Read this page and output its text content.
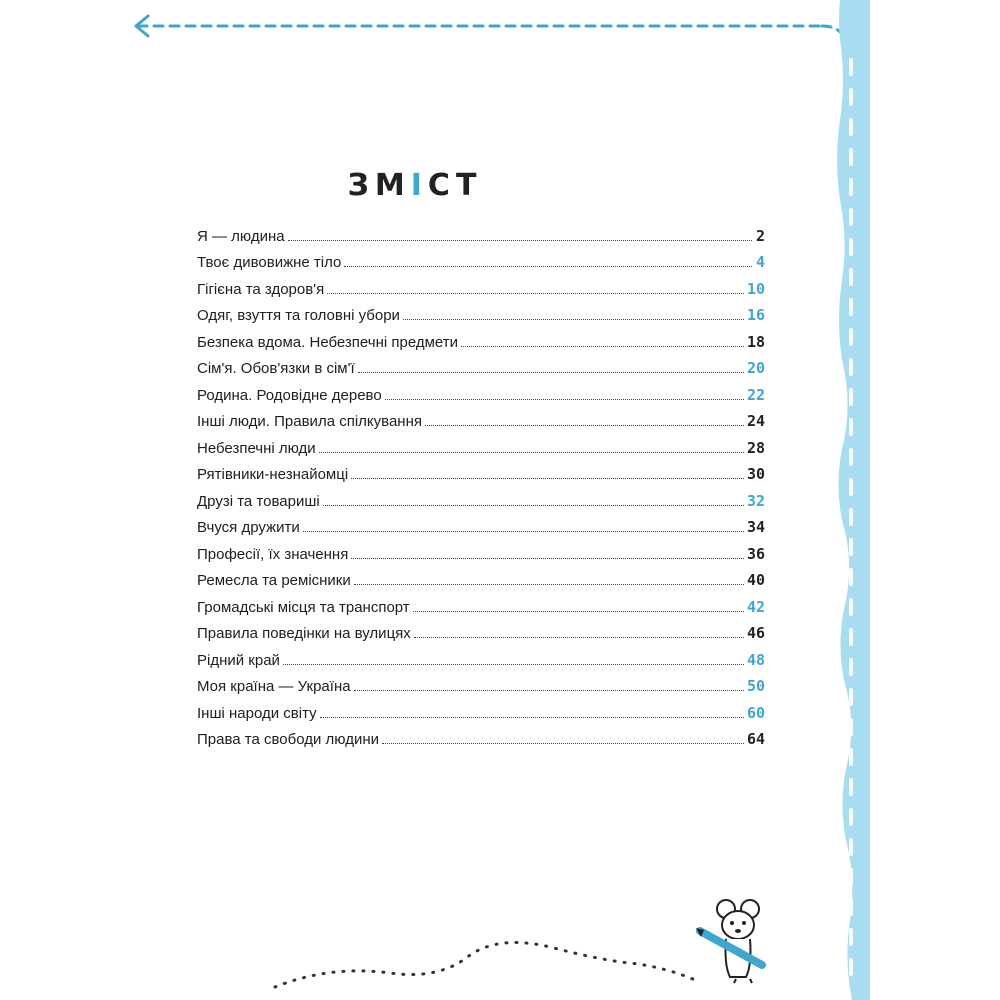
ЗМІСТ
Я — людина	2
Твоє дивовижне тіло	4
Гігієна та здоров'я	10
Одяг, взуття та головні убори	16
Безпека вдома. Небезпечні предмети	18
Сім'я. Обов'язки в сім'ї	20
Родина. Родовідне дерево	22
Інші люди. Правила спілкування	24
Небезпечні люди	28
Рятівники-незнайомці	30
Друзі та товариші	32
Вчуся дружити	34
Професії, їх значення	36
Ремесла та ремісники	40
Громадські місця та транспорт	42
Правила поведінки на вулицях	46
Рідний край	48
Моя країна — Україна	50
Інші народи світу	60
Права та свободи людини	64
